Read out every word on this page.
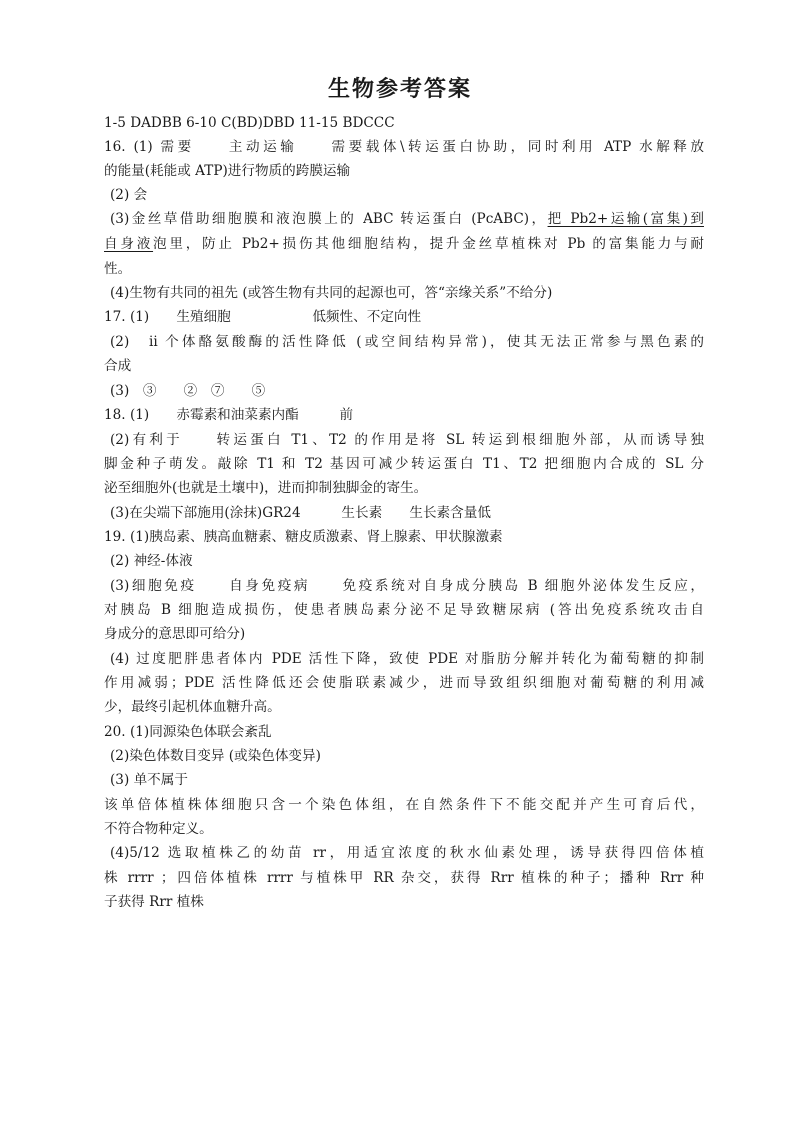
生物参考答案
1-5 DADBB 6-10 C(BD)DBD 11-15 BDCCC
16. (1) 需要　　主动运输　　需要载体\转运蛋白协助，同时利用 ATP 水解释放
的能量(耗能或 ATP)进行物质的跨膜运输
(2) 会
(3)金丝草借助细胞膜和液泡膜上的 ABC 转运蛋白 (PcABC)，把 Pb2+运输(富集)到
自身液泡里，防止 Pb2+损伤其他细胞结构，提升金丝草植株对 Pb 的富集能力与耐
性。
(4)生物有共同的祖先 (或答生物有共同的起源也可，答“亲缘关系”不给分)
17. (1)　　生殖细胞　　　　　　低频性、不定向性
(2)　ii 个体酪氨酸酶的活性降低 (或空间结构异常)，使其无法正常参与黑色素的
合成
(3)　③　　②　⑦　　⑤
18. (1)　　赤霉素和油菜素内酯　　　前
(2)有利于　　转运蛋白 T1、T2 的作用是将 SL 转运到根细胞外部，从而诱导独
脚金种子萌发。敲除 T1 和 T2 基因可减少转运蛋白 T1、T2 把细胞内合成的 SL 分
泌至细胞外(也就是土壤中)，进而抑制独脚金的寄生。
(3)在尖端下部施用(涂抹)GR24　　　生长素　　生长素含量低
19. (1)胰岛素、胰高血糖素、糖皮质激素、肾上腺素、甲状腺激素
(2) 神经-体液
(3)细胞免疫　　自身免疫病　　免疫系统对自身成分胰岛 B 细胞外泌体发生反应，
对胰岛 B 细胞造成损伤，使患者胰岛素分泌不足导致糖尿病 (答出免疫系统攻击自
身成分的意思即可给分)
(4) 过度肥胖患者体内 PDE 活性下降，致使 PDE 对脂肪分解并转化为葡萄糖的抑制
作用减弱；PDE 活性降低还会使脂联素减少，进而导致组织细胞对葡萄糖的利用减
少，最终引起机体血糖升高。
20. (1)同源染色体联会紊乱
(2)染色体数目变异 (或染色体变异)
(3) 单不属于
该单倍体植株体细胞只含一个染色体组，在自然条件下不能交配并产生可育后代，
不符合物种定义。
(4)5/12 选取植株乙的幼苗 rr，用适宜浓度的秋水仙素处理，诱导获得四倍体植
株 rrrr ；四倍体植株 rrrr 与植株甲 RR 杂交，获得 Rrr 植株的种子；播种 Rrr 种
子获得 Rrr 植株
